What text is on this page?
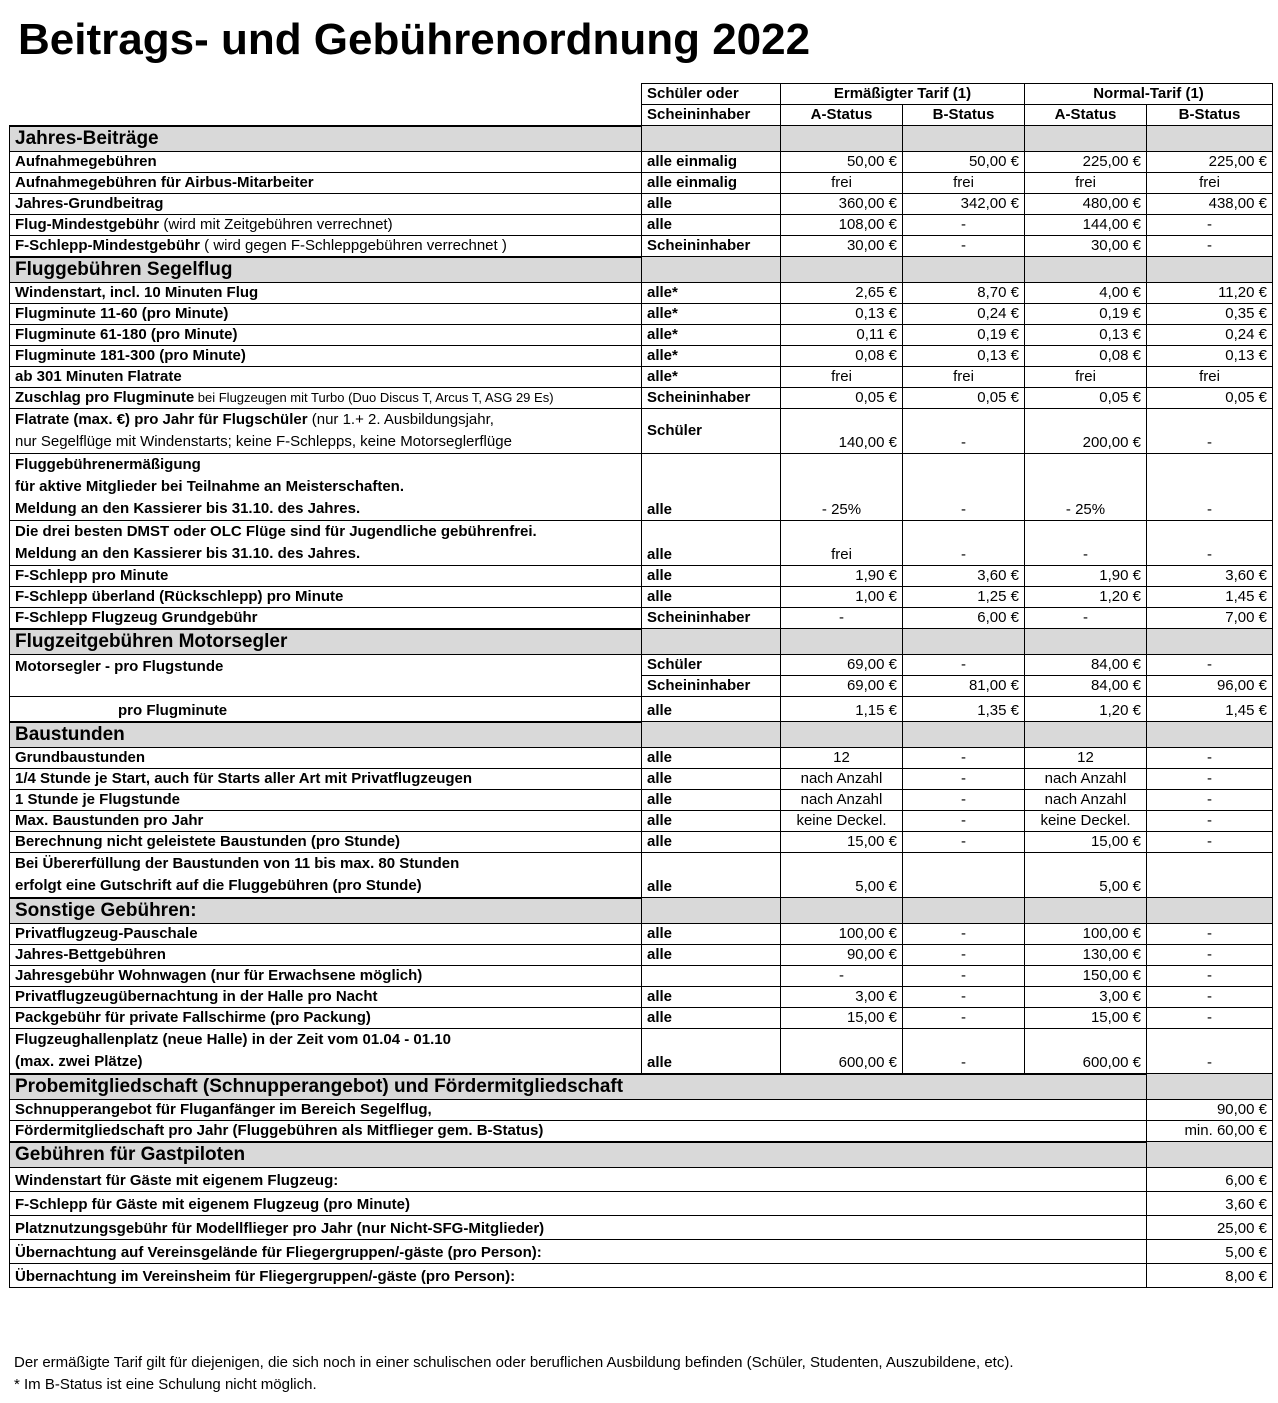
Beitrags- und Gebührenordnung 2022
	Schüler oder	Ermäßigter Tarif (1)		Normal-Tarif (1)	
	Scheininhaber	A-Status	B-Status	A-Status	B-Status
Jahres-Beiträge					
Aufnahmegebühren	alle einmalig	50,00 €	50,00 €	225,00 €	225,00 €
Aufnahmegebühren für Airbus-Mitarbeiter	alle einmalig	frei	frei	frei	frei
Jahres-Grundbeitrag	alle	360,00 €	342,00 €	480,00 €	438,00 €
Flug-Mindestgebühr (wird mit Zeitgebühren verrechnet)	alle	108,00 €	-	144,00 €	-
F-Schlepp-Mindestgebühr ( wird gegen F-Schleppgebühren verrechnet )	Scheininhaber	30,00 €	-	30,00 €	-
Fluggebühren Segelflug					
Windenstart, incl. 10 Minuten Flug	alle*	2,65 €	8,70 €	4,00 €	11,20 €
Flugminute 11-60 (pro Minute)	alle*	0,13 €	0,24 €	0,19 €	0,35 €
Flugminute 61-180 (pro Minute)	alle*	0,11 €	0,19 €	0,13 €	0,24 €
Flugminute 181-300 (pro Minute)	alle*	0,08 €	0,13 €	0,08 €	0,13 €
ab 301 Minuten Flatrate	alle*	frei	frei	frei	frei
Zuschlag pro Flugminute bei Flugzeugen mit Turbo (Duo Discus T, Arcus T, ASG 29 Es)	Scheininhaber	0,05 €	0,05 €	0,05 €	0,05 €
Flatrate (max. €) pro Jahr für Flugschüler (nur 1.+ 2. Ausbildungsjahr,
nur Segelflüge mit Windenstarts; keine F-Schlepps, keine Motorseglerflüge	Schüler	140,00 €	-	200,00 €	-
Fluggebührenermäßigung
für aktive Mitglieder bei Teilnahme an Meisterschaften.
Meldung an den Kassierer bis 31.10. des Jahres.	alle	- 25%	-	- 25%	-
Die drei besten DMST oder OLC Flüge sind für Jugendliche gebührenfrei.
Meldung an den Kassierer bis 31.10. des Jahres.	alle	frei	-	-	-
F-Schlepp pro Minute	alle	1,90 €	3,60 €	1,90 €	3,60 €
F-Schlepp überland (Rückschlepp) pro Minute	alle	1,00 €	1,25 €	1,20 €	1,45 €
F-Schlepp Flugzeug Grundgebühr	Scheininhaber	-	6,00 €	-	7,00 €
Flugzeitgebühren Motorsegler					
Motorsegler - pro Flugstunde	Schüler	69,00 €	-	84,00 €	-
	Scheininhaber	69,00 €	81,00 €	84,00 €	96,00 €
pro Flugminute	alle	1,15 €	1,35 €	1,20 €	1,45 €
Baustunden					
Grundbaustunden	alle	12	-	12	-
1/4 Stunde je Start, auch für Starts aller Art mit Privatflugzeugen	alle	nach Anzahl	-	nach Anzahl	-
1 Stunde je Flugstunde	alle	nach Anzahl	-	nach Anzahl	-
Max. Baustunden pro Jahr	alle	keine Deckel.	-	keine Deckel.	-
Berechnung nicht geleistete Baustunden (pro Stunde)	alle	15,00 €	-	15,00 €	-
Bei Übererfüllung der Baustunden von 11 bis max. 80 Stunden
erfolgt eine Gutschrift auf die Fluggebühren (pro Stunde)	alle	5,00 €		5,00 €	
Sonstige Gebühren:					
Privatflugzeug-Pauschale	alle	100,00 €	-	100,00 €	-
Jahres-Bettgebühren	alle	90,00 €	-	130,00 €	-
Jahresgebühr Wohnwagen (nur für Erwachsene möglich)		-	-	150,00 €	-
Privatflugzeugübernachtung in der Halle pro Nacht	alle	3,00 €	-	3,00 €	-
Packgebühr für private Fallschirme (pro Packung)	alle	15,00 €	-	15,00 €	-
Flugzeughallenplatz (neue Halle) in der Zeit vom 01.04 - 01.10
(max. zwei Plätze)	alle	600,00 €	-	600,00 €	-
Probemitgliedschaft (Schnupperangebot) und Fördermitgliedschaft					
Schnupperangebot für Fluganfänger im Bereich Segelflug,					90,00 €
Fördermitgliedschaft pro Jahr (Fluggebühren als Mitflieger gem. B-Status)					min. 60,00 €
Gebühren für Gastpiloten					
Windenstart für Gäste mit eigenem Flugzeug:					6,00 €
F-Schlepp für Gäste mit eigenem Flugzeug (pro Minute)					3,60 €
Platznutzungsgebühr für Modellflieger pro Jahr (nur Nicht-SFG-Mitglieder)					25,00 €
Übernachtung auf Vereinsgelände für Fliegergruppen/-gäste (pro Person):					5,00 €
Übernachtung im Vereinsheim für Fliegergruppen/-gäste (pro Person):					8,00 €
Der ermäßigte Tarif gilt für diejenigen, die sich noch in einer schulischen oder beruflichen Ausbildung befinden (Schüler, Studenten, Auszubildene, etc).
* Im B-Status ist eine Schulung nicht möglich.
